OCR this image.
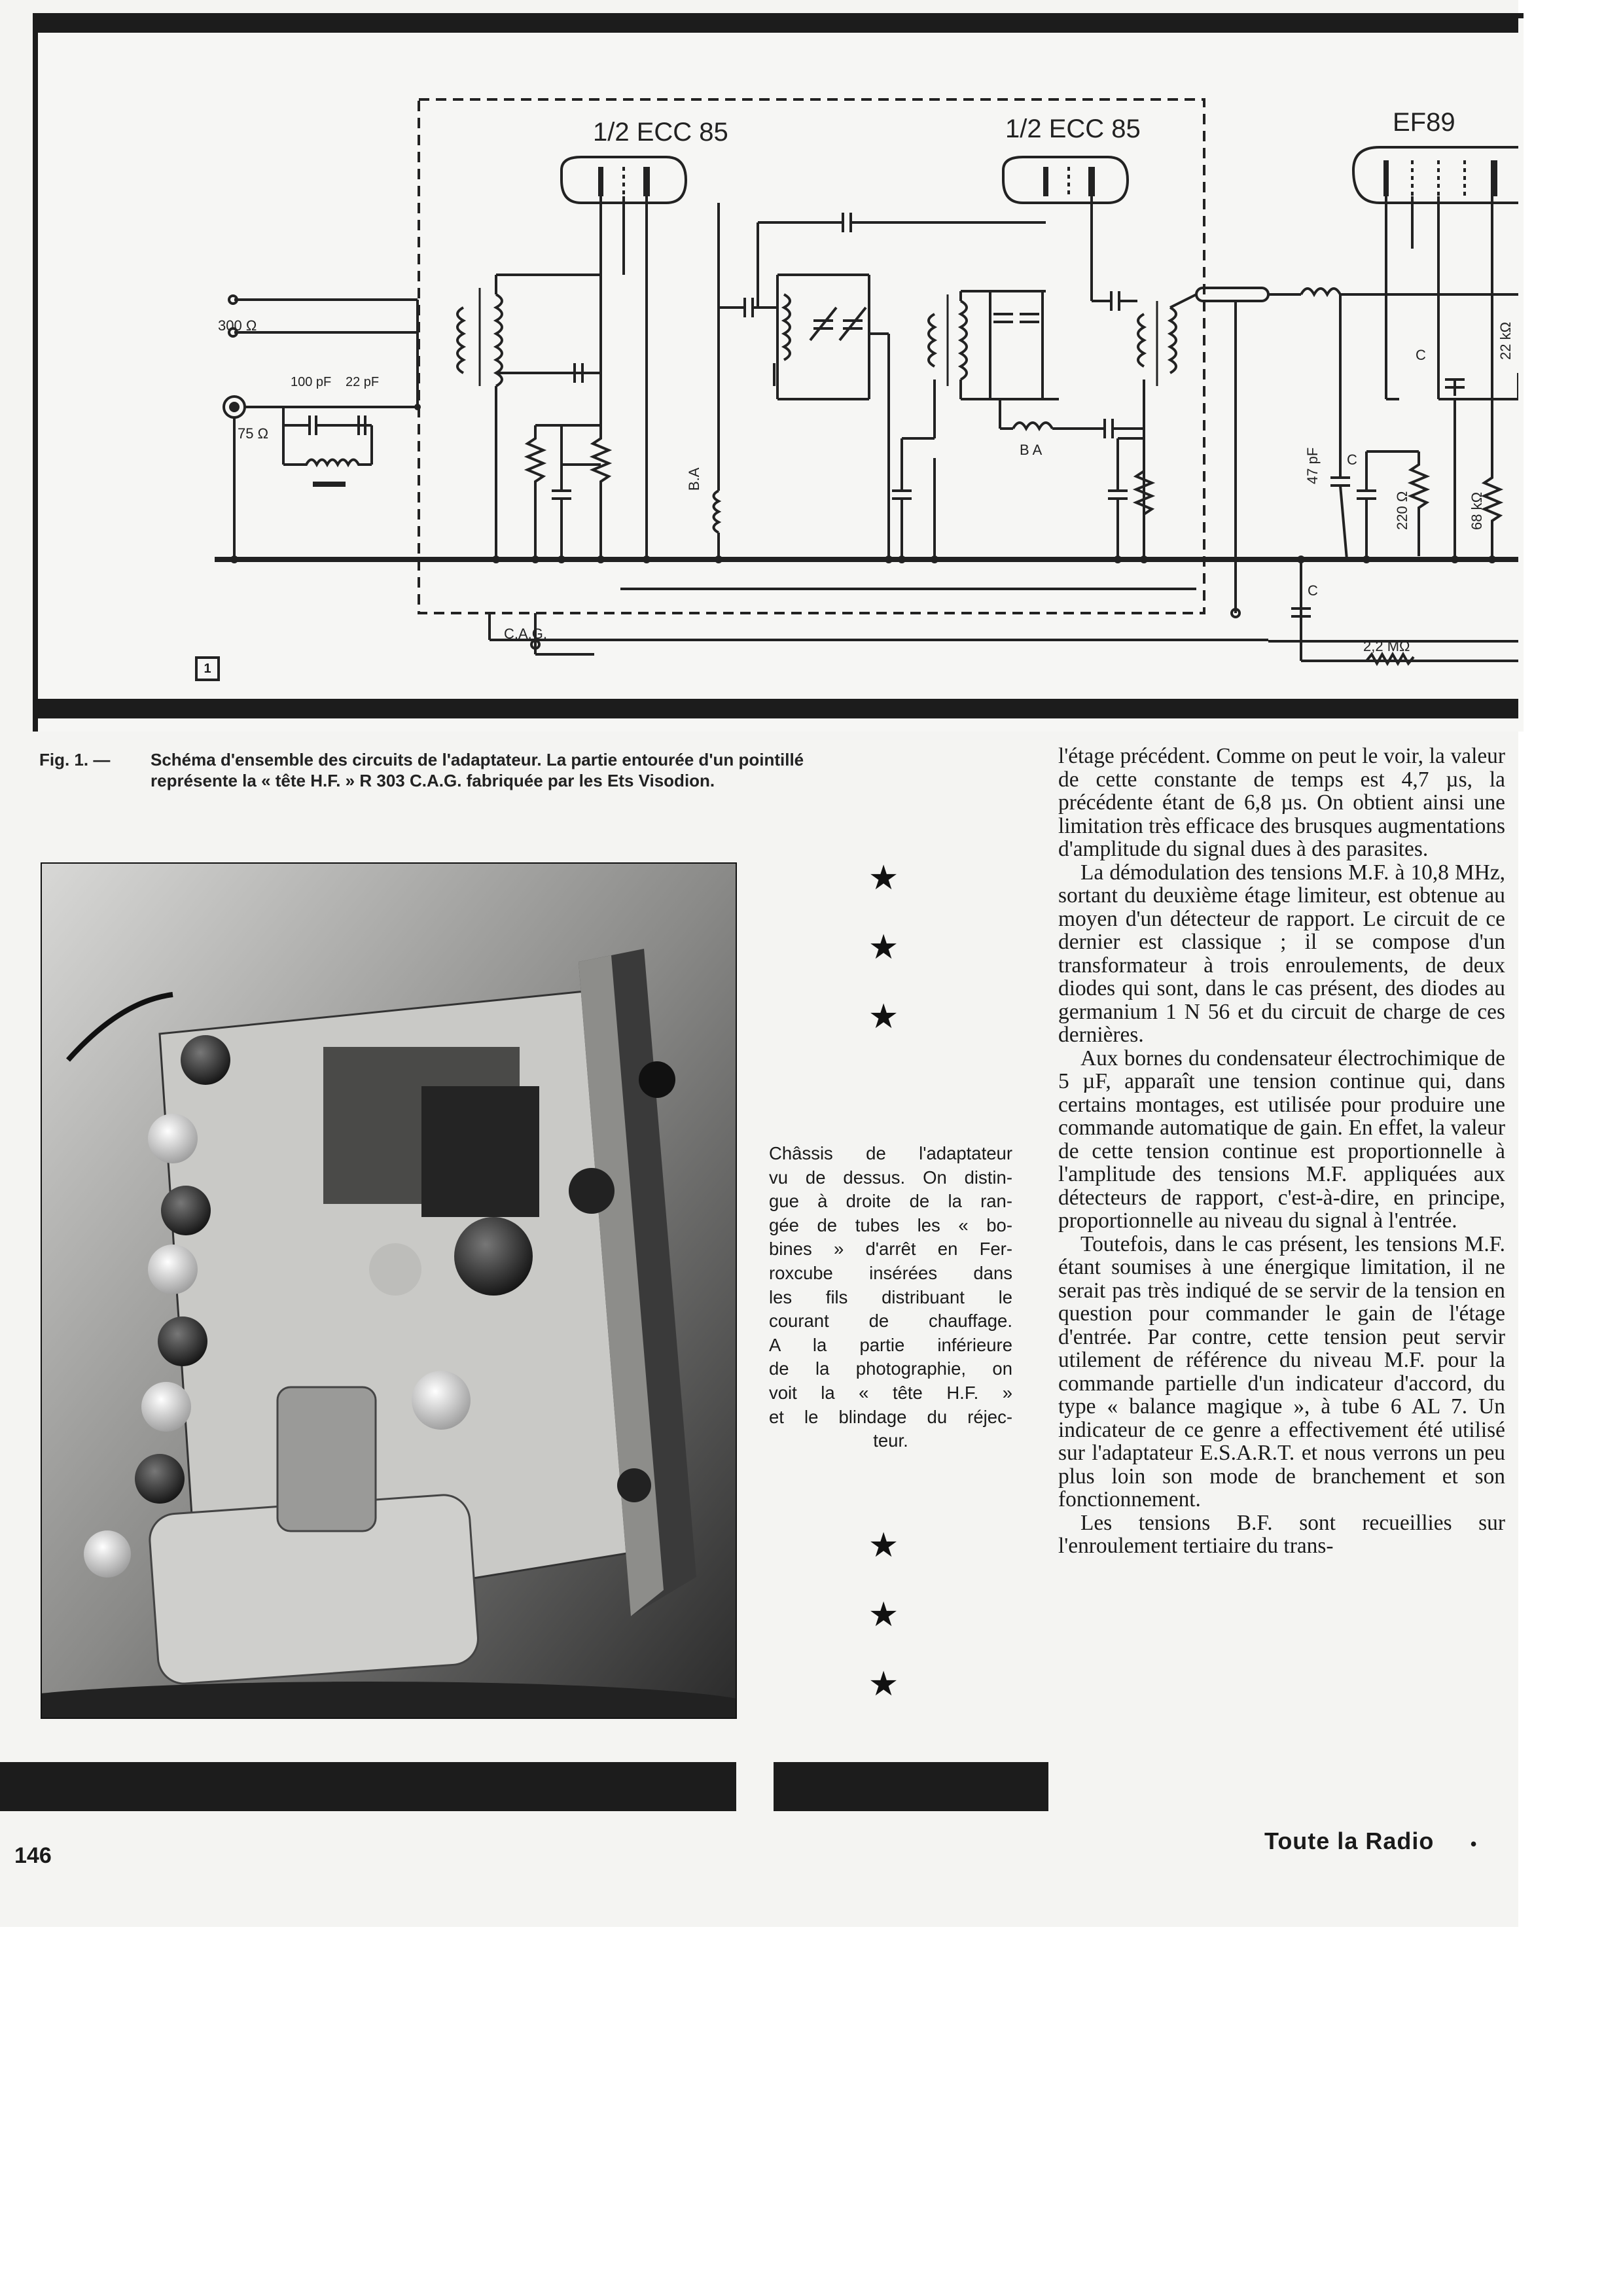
1/2 ECC 85	1/2 ECC 85	EF89
300 Ω
75 Ω
100 pF 22 pF
B.A
B A
C.A.G.
47 pF C
C
C
220 Ω	68 kΩ
22 kΩ
2,2 MΩ
1
Fig. 1. — Schéma d'ensemble des circuits de l'adaptateur. La partie entourée d'un pointillé
représente la « tête H.F. » R 303 C.A.G. fabriquée par les Ets Visodion.
★
★
★
★
★
★
Châssis de l'adaptateur
vu de dessus. On distin-
gue à droite de la ran-
gée de tubes les « bo-
bines » d'arrêt en Fer-
roxcube insérées dans
les fils distribuant le
courant de chauffage.
A la partie inférieure
de la photographie, on
voit la « tête H.F. »
et le blindage du réjec-
teur.

l'étage précédent. Comme on peut le voir, la valeur de cette constante de temps est 4,7 µs, la précédente étant de 6,8 µs. On obtient ainsi une limitation très efficace des brusques augmentations d'amplitude du signal dues à des parasites.

La démodulation des tensions M.F. à 10,8 MHz, sortant du deuxième étage limiteur, est obtenue au moyen d'un détecteur de rapport. Le circuit de ce dernier est classique ; il se compose d'un transformateur à trois enroulements, de deux diodes qui sont, dans le cas présent, des diodes au germanium 1 N 56 et du circuit de charge de ces dernières.

Aux bornes du condensateur électrochimique de 5 µF, apparaît une tension continue qui, dans certains montages, est utilisée pour produire une commande automatique de gain. En effet, la valeur de cette tension continue est proportionnelle à l'amplitude des tensions M.F. appliquées aux détecteurs de rapport, c'est-à-dire, en principe, proportionnelle au niveau du signal à l'entrée.

Toutefois, dans le cas présent, les tensions M.F. étant soumises à une énergique limitation, il ne serait pas très indiqué de se servir de la tension en question pour commander le gain de l'étage d'entrée. Par contre, cette tension peut servir utilement de référence du niveau M.F. pour la commande partielle d'un indicateur d'accord, du type « balance magique », à tube 6 AL 7. Un indicateur de ce genre a effectivement été utilisé sur l'adaptateur E.S.A.R.T. et nous verrons un peu plus loin son mode de branchement et son fonctionnement.

Les tensions B.F. sont recueillies sur l'enroulement tertiaire du trans-

146
Toute la Radio •
